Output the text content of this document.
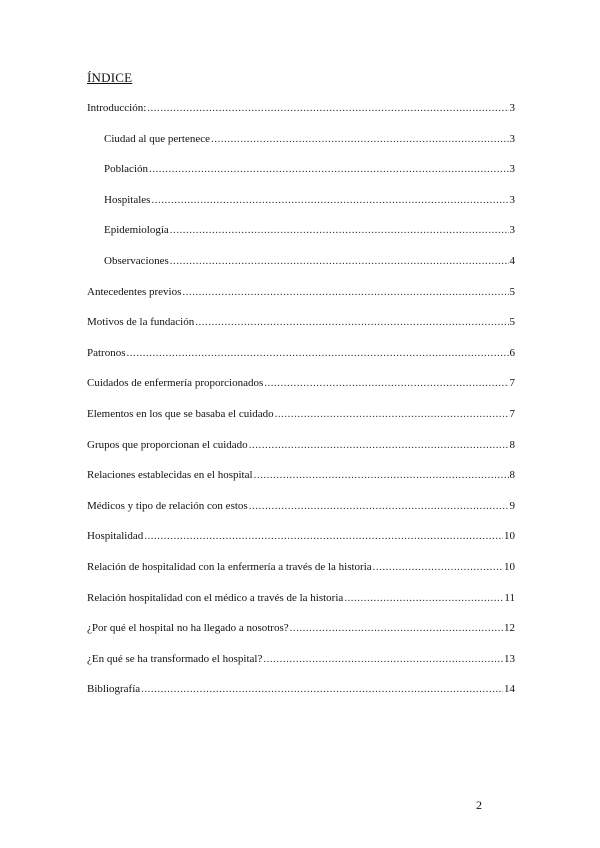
ÍNDICE
Introducción: .....	3
Ciudad al que pertenece .....	3
Población .....	3
Hospitales .....	3
Epidemiología .....	3
Observaciones .....	4
Antecedentes previos .....	5
Motivos de la fundación .....	5
Patronos .....	6
Cuidados de enfermería proporcionados .....	7
Elementos en los que se basaba el cuidado .....	7
Grupos que proporcionan el cuidado .....	8
Relaciones establecidas en el hospital .....	8
Médicos y tipo de relación con estos .....	9
Hospitalidad .....	10
Relación de hospitalidad con la enfermería a través de la historia .....	10
Relación hospitalidad con el médico a través de la historia .....	11
¿Por qué el hospital no ha llegado a nosotros? .....	12
¿En qué se ha transformado el hospital? .....	13
Bibliografía .....	14
2
